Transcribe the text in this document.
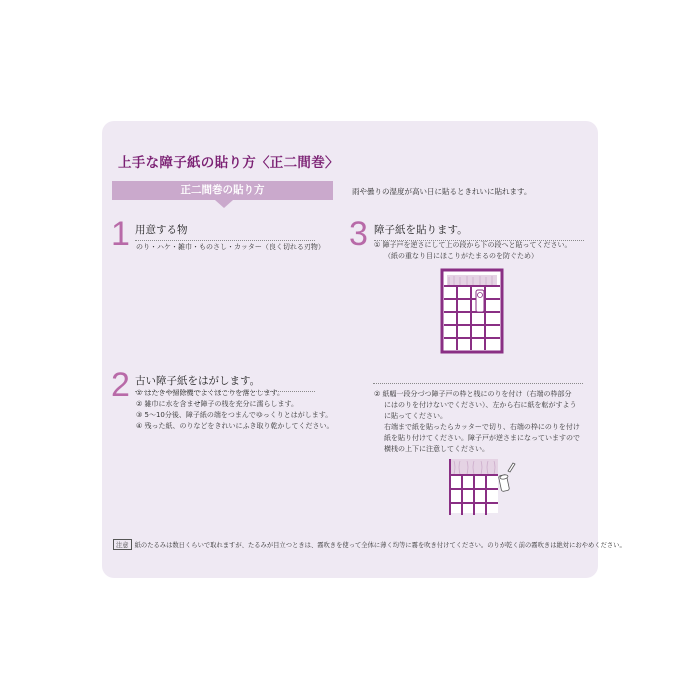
上手な障子紙の貼り方〈正二間巻〉
正二間巻の貼り方	雨や曇りの湿度が高い日に貼るときれいに貼れます。
1 用意する物
のり・ハケ・雑巾・ものさし・カッター（良く切れる刃物） 3 障子紙を貼ります。
① 障子戸を逆さにして上の段から下の段へと貼ってください。
（紙の重なり目にほこりがたまるのを防ぐため）
2 古い障子紙をはがします。
① はたきや掃除機でよくほこりを落とします。
② 雑巾に水を含ませ障子の桟を充分に濡らします。
③ 5〜10分後、障子紙の端をつまんでゆっくりとはがします。
④ 残った紙、のりなどをきれいにふき取り乾かしてください。
② 紙幅一段分づつ障子戸の枠と桟にのりを付け（右端の枠部分
にはのりを付けないでください）、左から右に紙を転がすよう
に貼ってください。
右端まで紙を貼ったらカッターで切り、右端の枠にのりを付け
紙を貼り付けてください。障子戸が逆さまになっていますので
横桟の上下に注意してください。
注意 紙のたるみは数日くらいで取れますが、たるみが目立つときは、霧吹きを使って全体に薄く均等に霧を吹き付けてください。のりが乾く前の霧吹きは絶対におやめください。
